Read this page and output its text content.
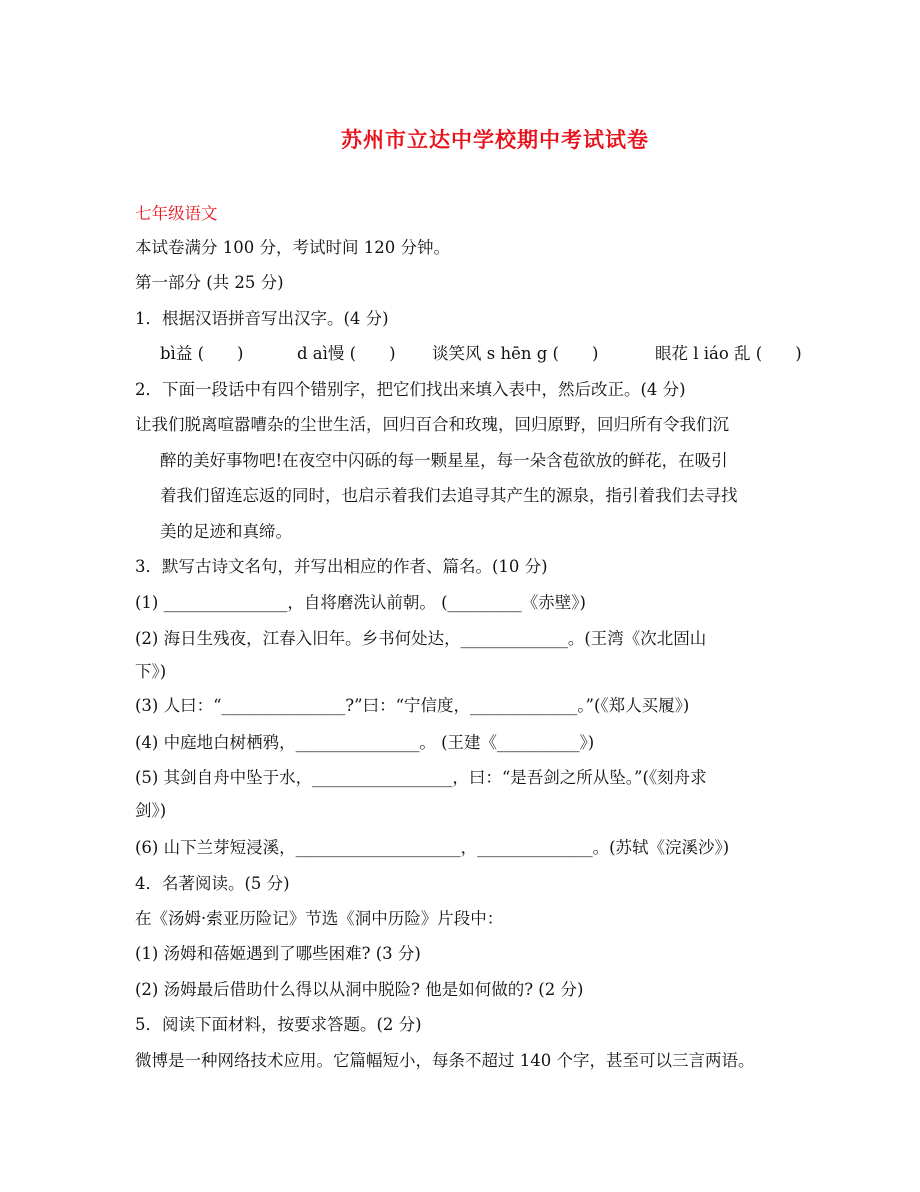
苏州市立达中学校期中考试试卷
七年级语文
本试卷满分 100 分，考试时间 120 分钟。
第一部分 (共 25 分)
1．根据汉语拼音写出汉字。(4 分)
bì益 (　　)	d aì慢 (　　) 谈笑风 s hēn g (　　)	眼花 l iáo 乱 (　　)
2．下面一段话中有四个错别字，把它们找出来填入表中，然后改正。(4 分)
让我们脱离喧嚣嘈杂的尘世生活，回归百合和玫瑰，回归原野，回归所有令我们沉
醉的美好事物吧!在夜空中闪砾的每一颗星星，每一朵含苞欲放的鲜花，在吸引
着我们留连忘返的同时，也启示着我们去追寻其产生的源泉，指引着我们去寻找
美的足迹和真缔。
3．默写古诗文名句，并写出相应的作者、篇名。(10 分)
(1) _______________，自将磨洗认前朝。 (_________《赤壁》)
(2) 海日生残夜，江春入旧年。乡书何处达，_____________。(王湾《次北固山
下》)
(3) 人曰：“_______________?”曰：“宁信度，_____________。”(《郑人买履》)
(4) 中庭地白树栖鸦，_______________。 (王建《__________》)
(5) 其剑自舟中坠于水，_________________，曰：“是吾剑之所从坠。”(《刻舟求
剑》)
(6) 山下兰芽短浸溪，____________________，______________。(苏轼《浣溪沙》)
4．名著阅读。(5 分)
在《汤姆·索亚历险记》节选《洞中历险》片段中：
(1) 汤姆和蓓姬遇到了哪些困难? (3 分)
(2) 汤姆最后借助什么得以从洞中脱险? 他是如何做的? (2 分)
5．阅读下面材料，按要求答题。(2 分)
微博是一种网络技术应用。它篇幅短小，每条不超过 140 个字，甚至可以三言两语。
